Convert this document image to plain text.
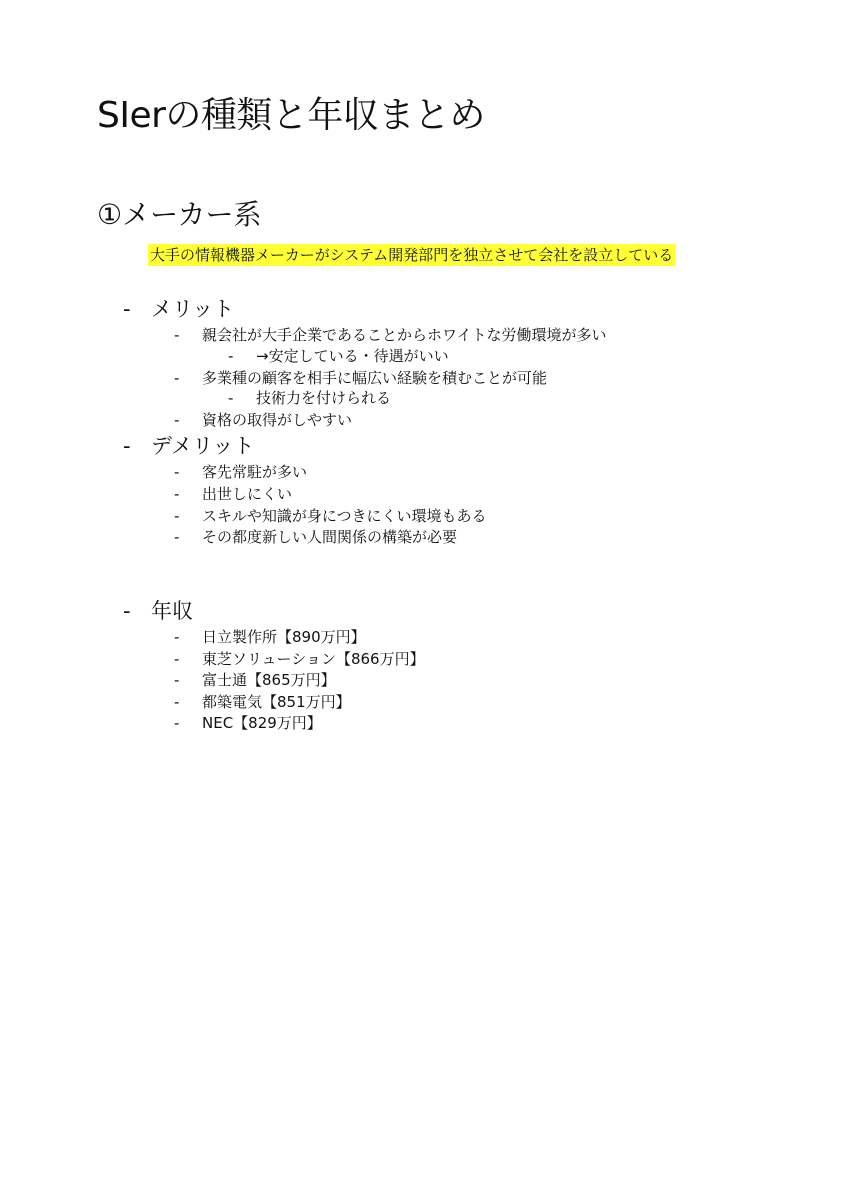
SIerの種類と年収まとめ
①メーカー系
大手の情報機器メーカーがシステム開発部門を独立させて会社を設立している
- メリット
- 親会社が大手企業であることからホワイトな労働環境が多い
- →安定している・待遇がいい
- 多業種の顧客を相手に幅広い経験を積むことが可能
- 技術力を付けられる
- 資格の取得がしやすい
- デメリット
- 客先常駐が多い
- 出世しにくい
- スキルや知識が身につきにくい環境もある
- その都度新しい人間関係の構築が必要
- 年収
- 日立製作所【890万円】
- 東芝ソリューション【866万円】
- 富士通【865万円】
- 都築電気【851万円】
- NEC【829万円】
